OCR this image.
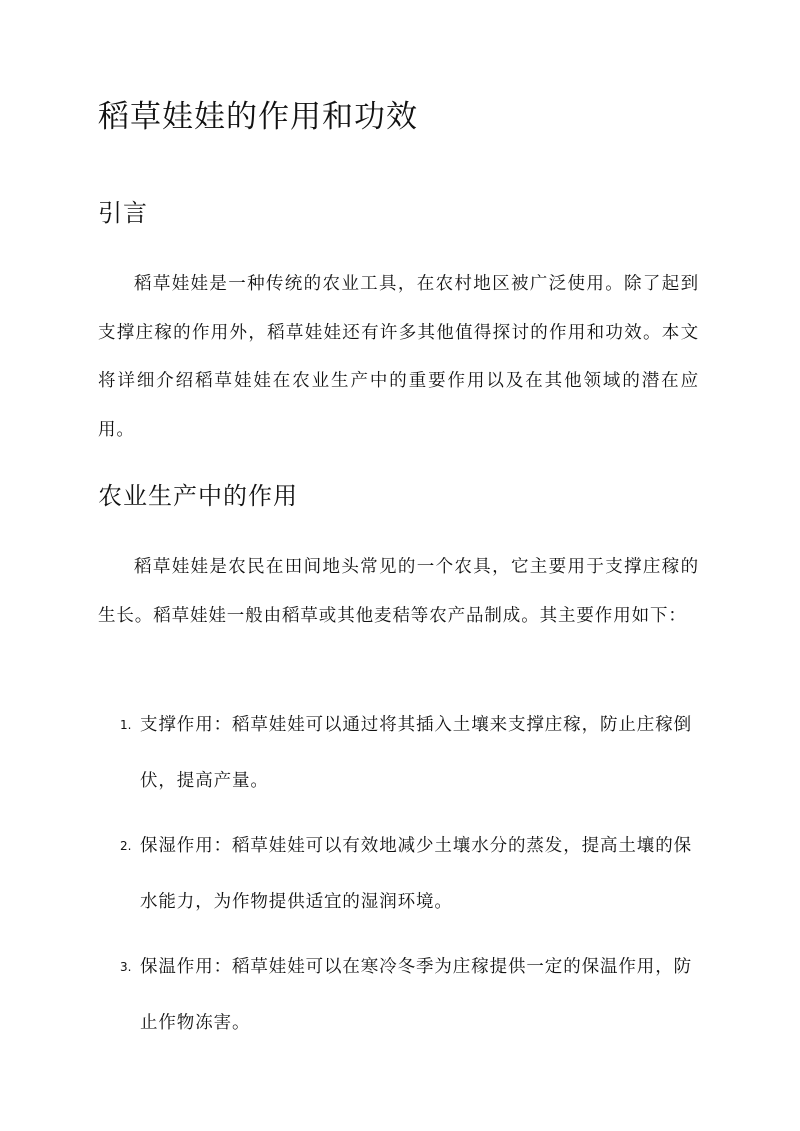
稻草娃娃的作用和功效
引言

稻草娃娃是一种传统的农业工具，在农村地区被广泛使用。除了起到支撑庄稼的作用外，稻草娃娃还有许多其他值得探讨的作用和功效。本文将详细介绍稻草娃娃在农业生产中的重要作用以及在其他领域的潜在应用。

农业生产中的作用

稻草娃娃是农民在田间地头常见的一个农具，它主要用于支撑庄稼的生长。稻草娃娃一般由稻草或其他麦秸等农产品制成。其主要作用如下：

1. 支撑作用：稻草娃娃可以通过将其插入土壤来支撑庄稼，防止庄稼倒伏，提高产量。
2. 保湿作用：稻草娃娃可以有效地减少土壤水分的蒸发，提高土壤的保水能力，为作物提供适宜的湿润环境。
3. 保温作用：稻草娃娃可以在寒冷冬季为庄稼提供一定的保温作用，防止作物冻害。
